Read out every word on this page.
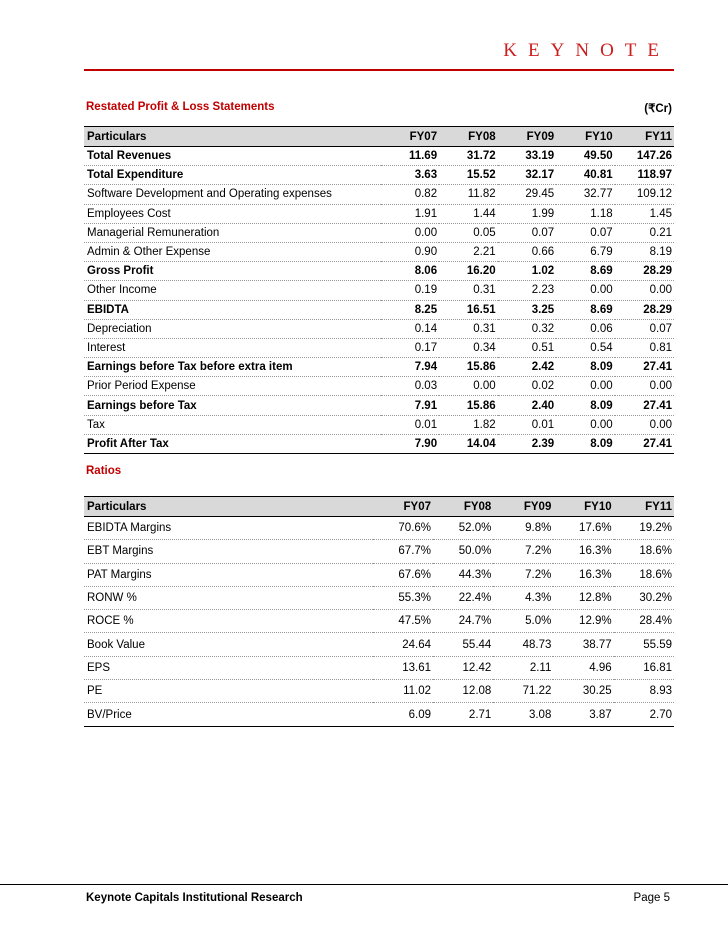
KEYNOTE
Restated Profit & Loss Statements	(₹Cr)
Particulars	FY07	FY08	FY09	FY10	FY11
Total Revenues	11.69	31.72	33.19	49.50	147.26
Total Expenditure	3.63	15.52	32.17	40.81	118.97
Software Development and Operating expenses	0.82	11.82	29.45	32.77	109.12
Employees Cost	1.91	1.44	1.99	1.18	1.45
Managerial Remuneration	0.00	0.05	0.07	0.07	0.21
Admin & Other Expense	0.90	2.21	0.66	6.79	8.19
Gross Profit	8.06	16.20	1.02	8.69	28.29
Other Income	0.19	0.31	2.23	0.00	0.00
EBIDTA	8.25	16.51	3.25	8.69	28.29
Depreciation	0.14	0.31	0.32	0.06	0.07
Interest	0.17	0.34	0.51	0.54	0.81
Earnings before Tax before extra item	7.94	15.86	2.42	8.09	27.41
Prior Period Expense	0.03	0.00	0.02	0.00	0.00
Earnings before Tax	7.91	15.86	2.40	8.09	27.41
Tax	0.01	1.82	0.01	0.00	0.00
Profit After Tax	7.90	14.04	2.39	8.09	27.41
Ratios
Particulars	FY07	FY08	FY09	FY10	FY11
EBIDTA Margins	70.6%	52.0%	9.8%	17.6%	19.2%
EBT Margins	67.7%	50.0%	7.2%	16.3%	18.6%
PAT Margins	67.6%	44.3%	7.2%	16.3%	18.6%
RONW %	55.3%	22.4%	4.3%	12.8%	30.2%
ROCE %	47.5%	24.7%	5.0%	12.9%	28.4%
Book Value	24.64	55.44	48.73	38.77	55.59
EPS	13.61	12.42	2.11	4.96	16.81
PE	11.02	12.08	71.22	30.25	8.93
BV/Price	6.09	2.71	3.08	3.87	2.70
Keynote Capitals Institutional Research	Page 5
